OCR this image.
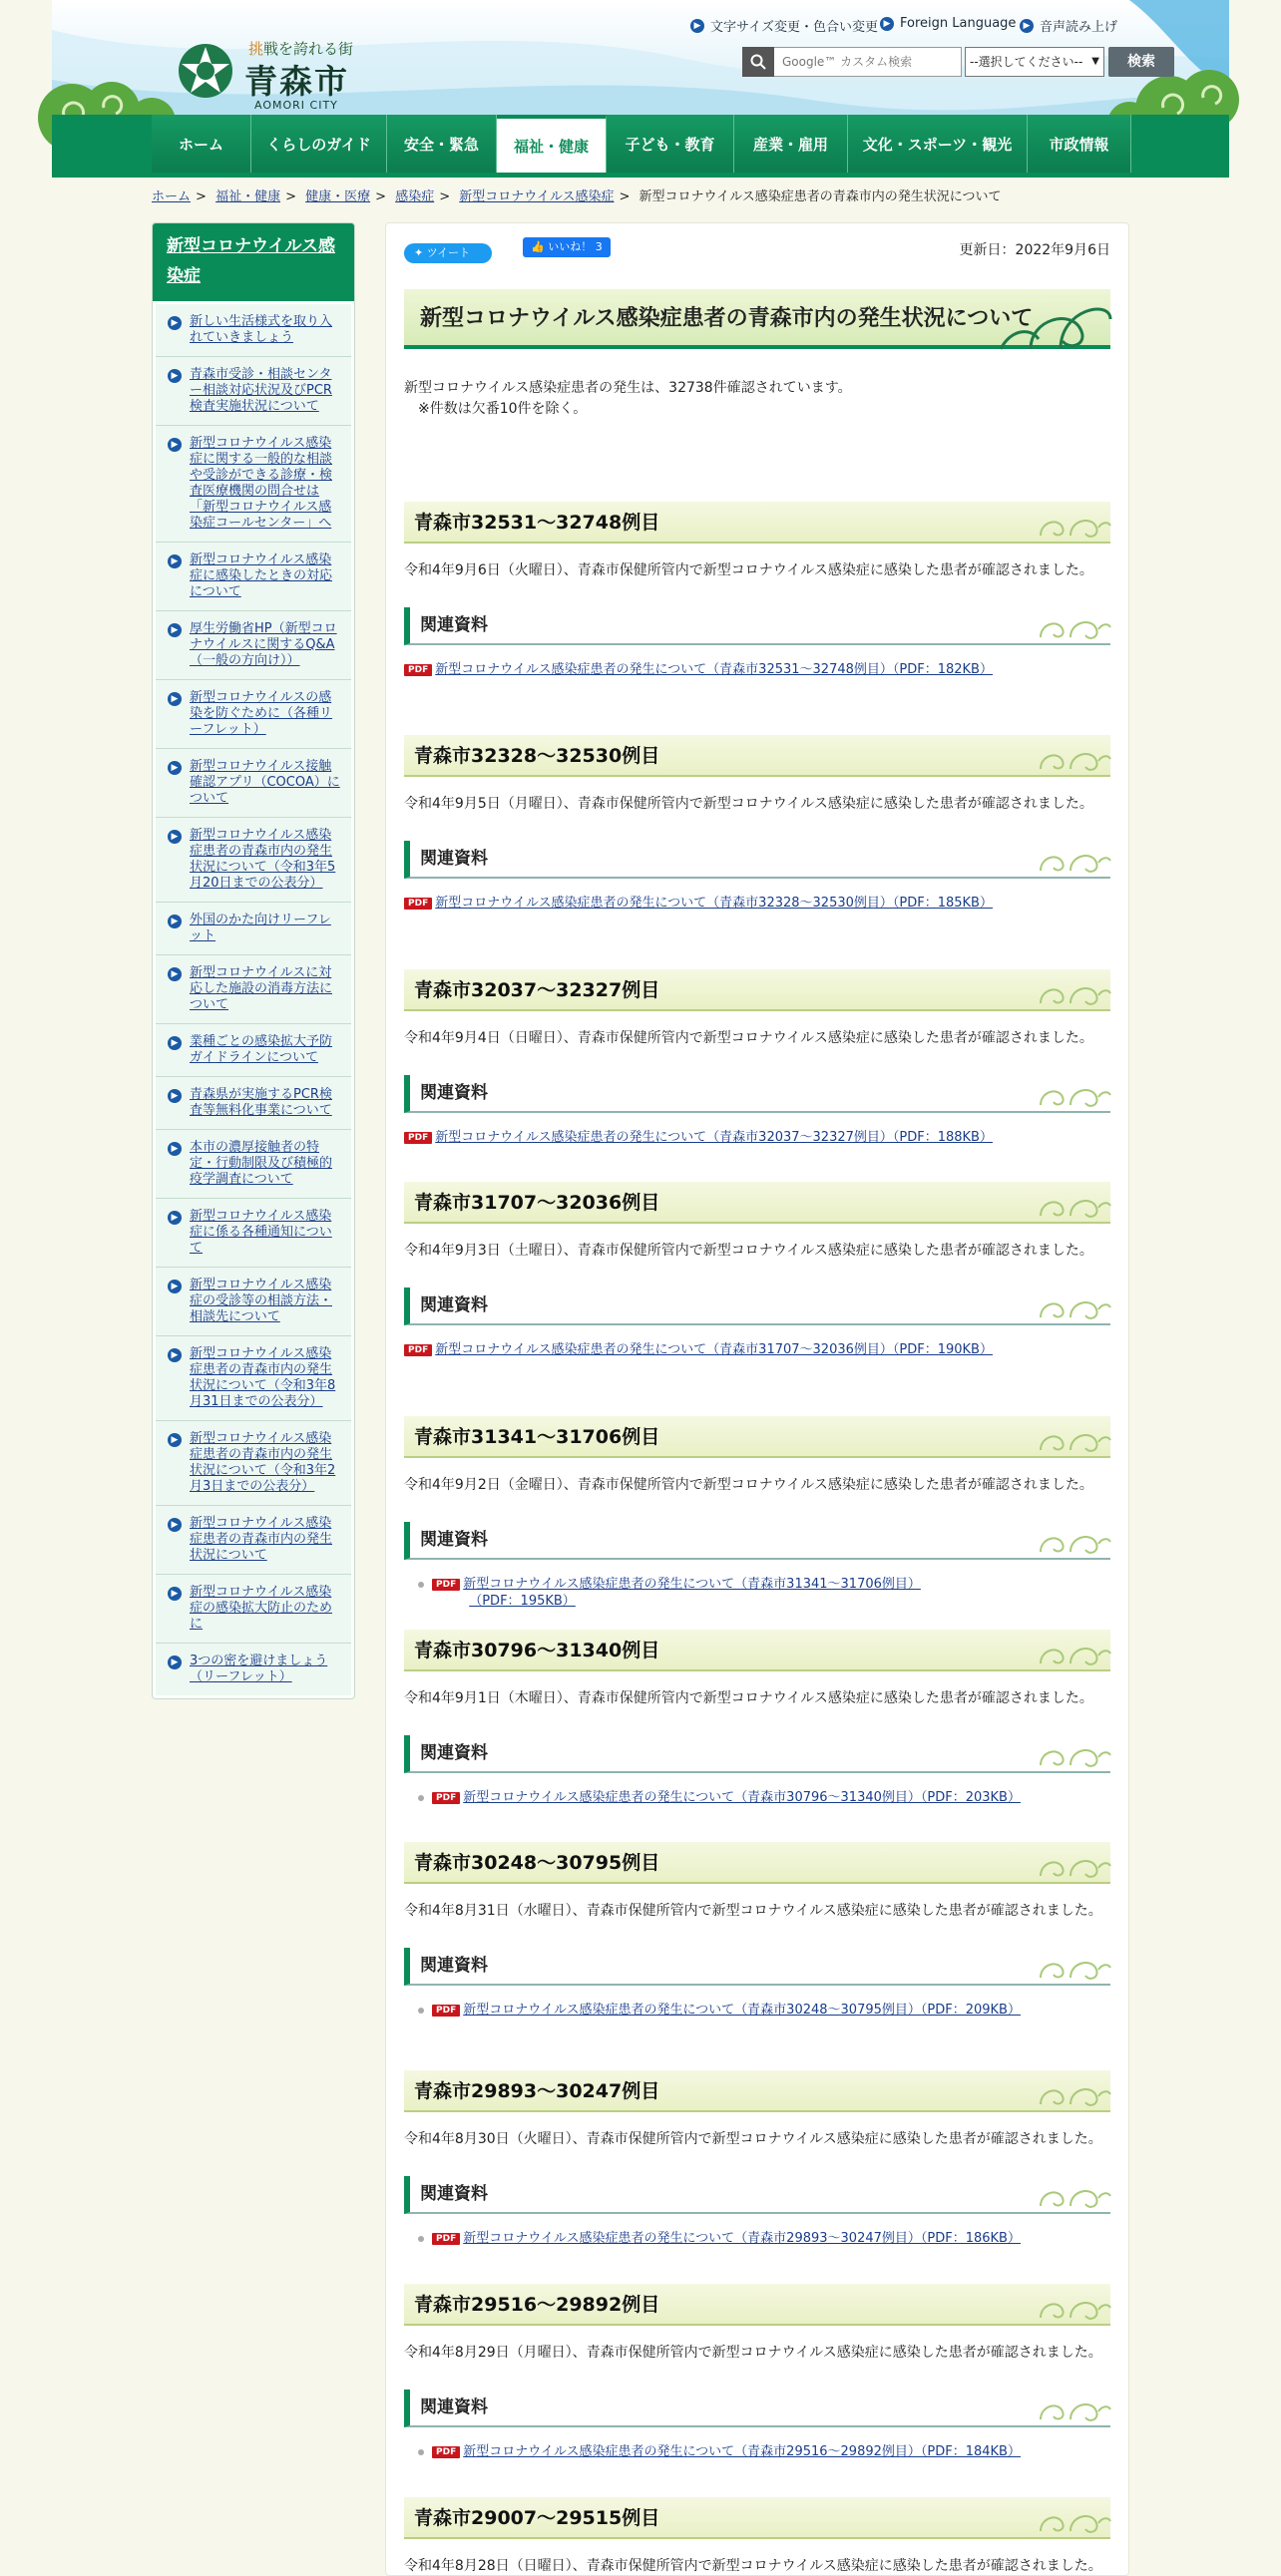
挑戦を誇れる街
青森市
AOMORI CITY
▶ 文字サイズ変更・色合い変更 ▶ Foreign Language ▶ 音声読み上げ
Google™ カスタム検索
--選択してください-- ▼	検索
ホーム	くらしのガイド	安全・緊急	福祉・健康	子ども・教育	産業・雇用	文化・スポーツ・観光	市政情報
ホーム > 福祉・健康 > 健康・医療 > 感染症 > 新型コロナウイルス感染症 > 新型コロナウイルス感染症患者の青森市内の発生状況について
新型コロナウイルス感染症
▶ 新しい生活様式を取り入れていきましょう
▶ 青森市受診・相談センター相談対応状況及びPCR検査実施状況について
▶ 新型コロナウイルス感染症に関する一般的な相談や受診ができる診療・検査医療機関の問合せは「新型コロナウイルス感染症コールセンター」へ
▶ 新型コロナウイルス感染症に感染したときの対応について
▶ 厚生労働省HP（新型コロナウイルスに関するQ&A（一般の方向け））
▶ 新型コロナウイルスの感染を防ぐために（各種リーフレット）
▶ 新型コロナウイルス接触確認アプリ（COCOA）について
▶ 新型コロナウイルス感染症患者の青森市内の発生状況について（令和3年5月20日までの公表分）
▶ 外国のかた向けリーフレット
▶ 新型コロナウイルスに対応した施設の消毒方法について
▶ 業種ごとの感染拡大予防ガイドラインについて
▶ 青森県が実施するPCR検査等無料化事業について
▶ 本市の濃厚接触者の特定・行動制限及び積極的疫学調査について
▶ 新型コロナウイルス感染症に係る各種通知について
▶ 新型コロナウイルス感染症の受診等の相談方法・相談先について
▶ 新型コロナウイルス感染症患者の青森市内の発生状況について（令和3年8月31日までの公表分）
▶ 新型コロナウイルス感染症患者の青森市内の発生状況について（令和3年2月3日までの公表分）
▶ 新型コロナウイルス感染症患者の青森市内の発生状況について
▶ 新型コロナウイルス感染症の感染拡大防止のために
▶ 3つの密を避けましょう（リーフレット）
✦ ツイート	👍 いいね！ 3	更新日：2022年9月6日
新型コロナウイルス感染症患者の青森市内の発生状況について
新型コロナウイルス感染症患者の発生は、32738件確認されています。
※件数は欠番10件を除く。
青森市32531～32748例目
令和4年9月6日（火曜日）、青森市保健所管内で新型コロナウイルス感染症に感染した患者が確認されました。
関連資料
PDF 新型コロナウイルス感染症患者の発生について（青森市32531～32748例目）（PDF：182KB）
青森市32328～32530例目
令和4年9月5日（月曜日）、青森市保健所管内で新型コロナウイルス感染症に感染した患者が確認されました。
関連資料
PDF 新型コロナウイルス感染症患者の発生について（青森市32328～32530例目）（PDF：185KB）
青森市32037～32327例目
令和4年9月4日（日曜日）、青森市保健所管内で新型コロナウイルス感染症に感染した患者が確認されました。
関連資料
PDF 新型コロナウイルス感染症患者の発生について（青森市32037～32327例目）（PDF：188KB）
青森市31707～32036例目
令和4年9月3日（土曜日）、青森市保健所管内で新型コロナウイルス感染症に感染した患者が確認されました。
関連資料
PDF 新型コロナウイルス感染症患者の発生について（青森市31707～32036例目）（PDF：190KB）
青森市31341～31706例目
令和4年9月2日（金曜日）、青森市保健所管内で新型コロナウイルス感染症に感染した患者が確認されました。
関連資料
PDF 新型コロナウイルス感染症患者の発生について（青森市31341～31706例目）
（PDF：195KB）
青森市30796～31340例目
令和4年9月1日（木曜日）、青森市保健所管内で新型コロナウイルス感染症に感染した患者が確認されました。
関連資料
PDF 新型コロナウイルス感染症患者の発生について（青森市30796～31340例目）（PDF：203KB）
青森市30248～30795例目
令和4年8月31日（水曜日）、青森市保健所管内で新型コロナウイルス感染症に感染した患者が確認されました。
関連資料
PDF 新型コロナウイルス感染症患者の発生について（青森市30248～30795例目）（PDF：209KB）
青森市29893～30247例目
令和4年8月30日（火曜日）、青森市保健所管内で新型コロナウイルス感染症に感染した患者が確認されました。
関連資料
PDF 新型コロナウイルス感染症患者の発生について（青森市29893～30247例目）（PDF：186KB）
青森市29516～29892例目
令和4年8月29日（月曜日）、青森市保健所管内で新型コロナウイルス感染症に感染した患者が確認されました。
関連資料
PDF 新型コロナウイルス感染症患者の発生について（青森市29516～29892例目）（PDF：184KB）
青森市29007～29515例目
令和4年8月28日（日曜日）、青森市保健所管内で新型コロナウイルス感染症に感染した患者が確認されました。
